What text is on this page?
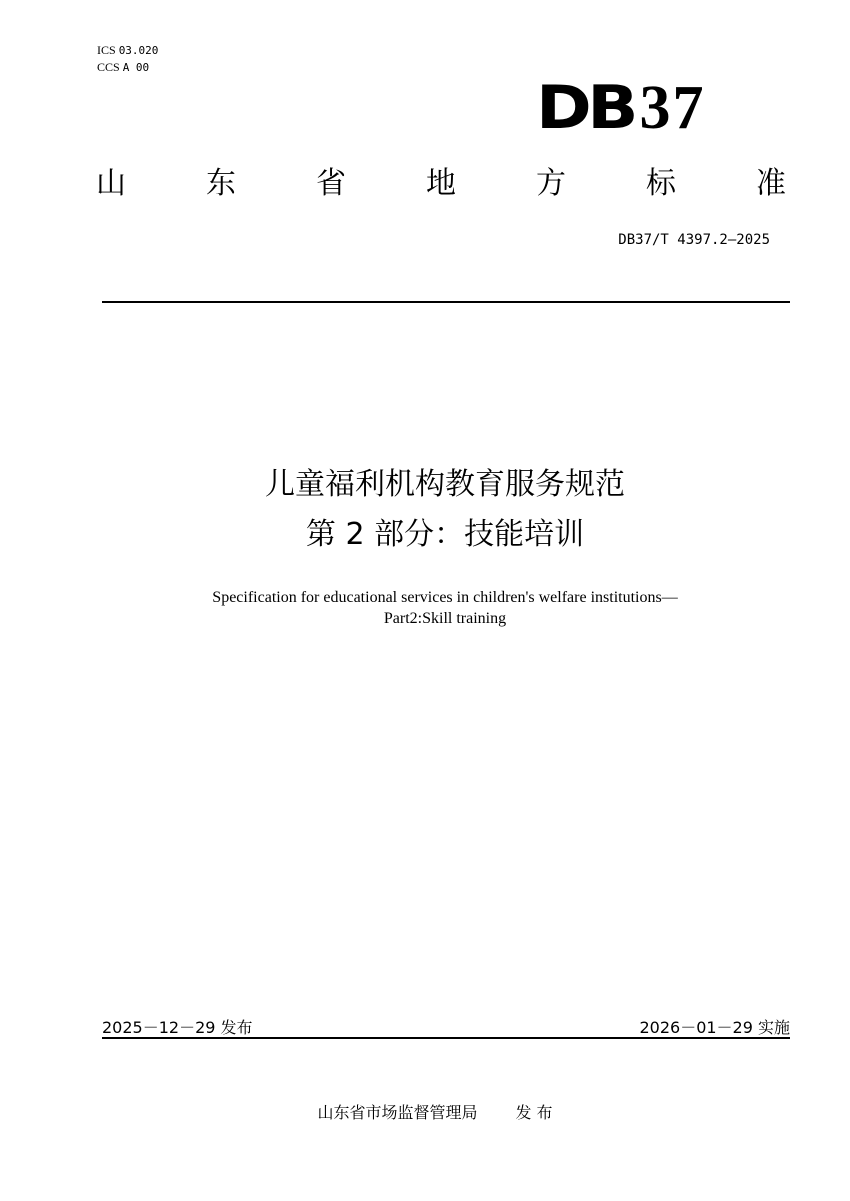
ICS 03.020
CCS A 00
DB 37
山	东	省	地	方	标	准
DB37/T 4397.2—2025
儿童福利机构教育服务规范
第 2 部分：技能培训
Specification for educational services in children's welfare institutions—
Part2:Skill training
2025－12－29 发布	2026－01－29 实施
山东省市场监督管理局 发 布
